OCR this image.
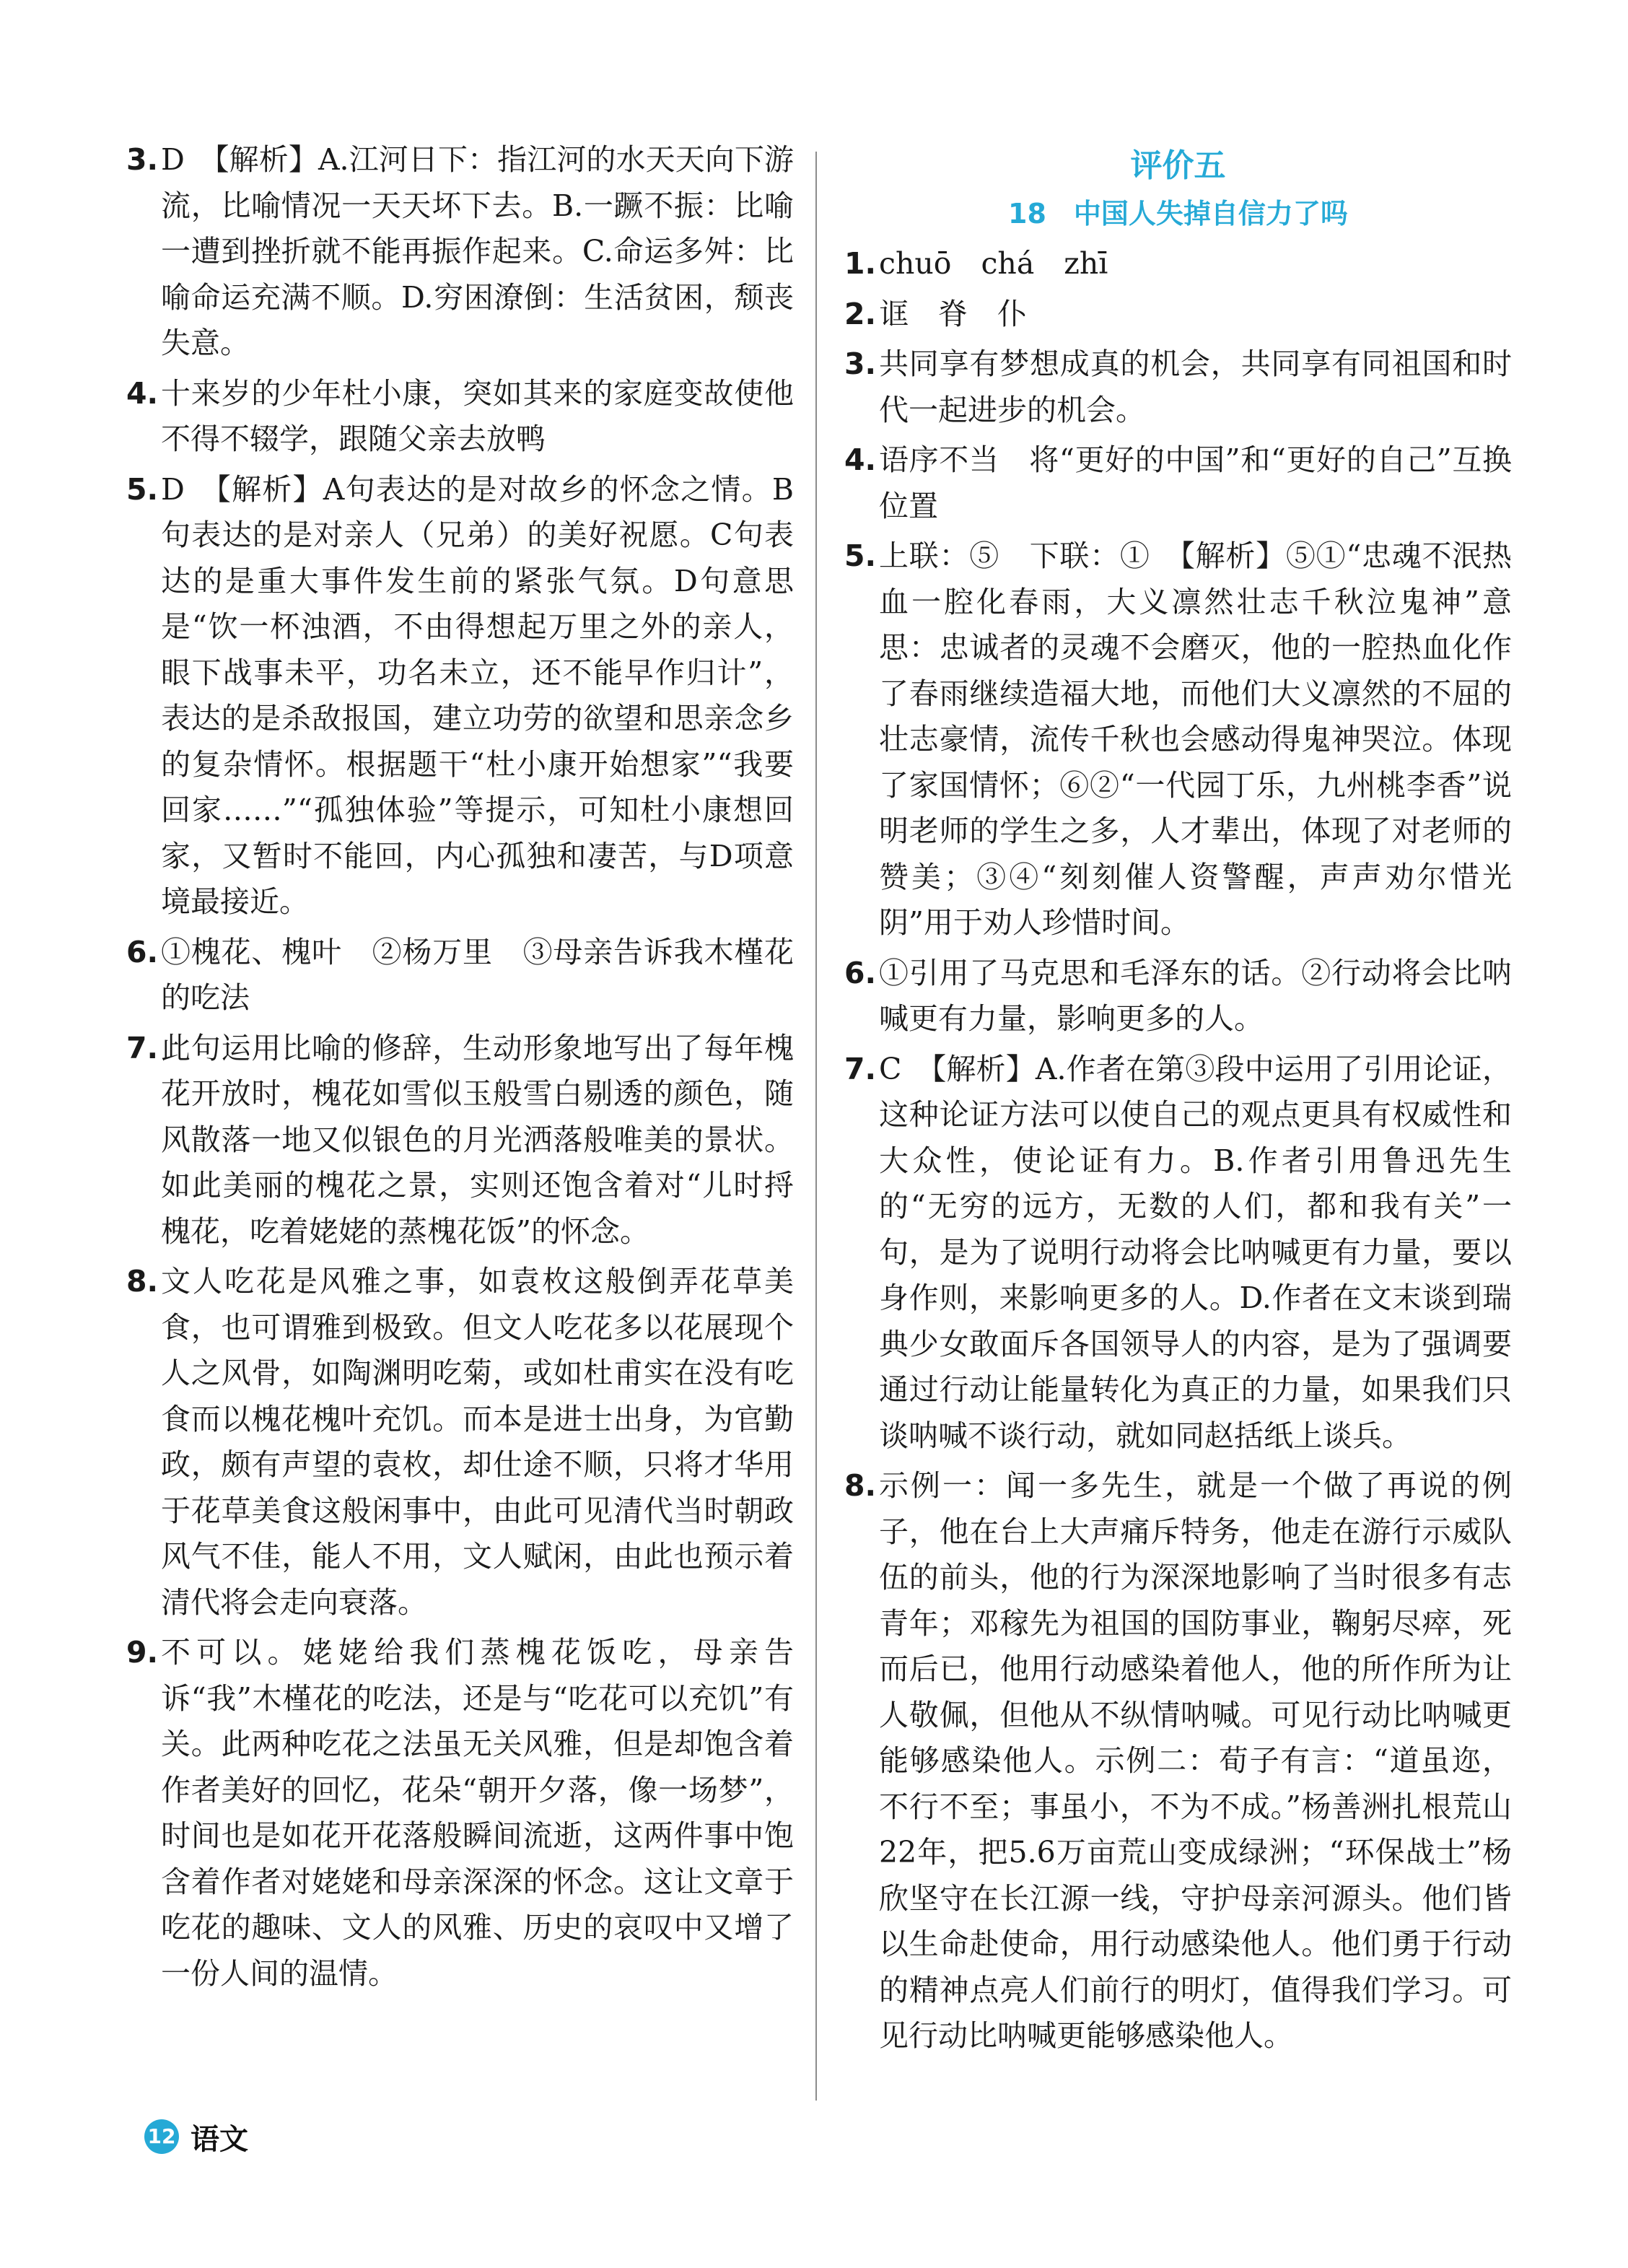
3. D　【解析】A.江河日下：指江河的水天天向下游流，比喻情况一天天坏下去。B.一蹶不振：比喻一遭到挫折就不能再振作起来。C.命运多舛：比喻命运充满不顺。D.穷困潦倒：生活贫困，颓丧失意。
4. 十来岁的少年杜小康，突如其来的家庭变故使他不得不辍学，跟随父亲去放鸭
5. D　【解析】A句表达的是对故乡的怀念之情。B句表达的是对亲人（兄弟）的美好祝愿。C句表达的是重大事件发生前的紧张气氛。D句意思是“饮一杯浊酒，不由得想起万里之外的亲人，眼下战事未平，功名未立，还不能早作归计”，表达的是杀敌报国，建立功劳的欲望和思亲念乡的复杂情怀。根据题干“杜小康开始想家”“我要回家……”“孤独体验”等提示，可知杜小康想回家，又暂时不能回，内心孤独和凄苦，与D项意境最接近。
6. ①槐花、槐叶　②杨万里　③母亲告诉我木槿花的吃法
7. 此句运用比喻的修辞，生动形象地写出了每年槐花开放时，槐花如雪似玉般雪白剔透的颜色，随风散落一地又似银色的月光洒落般唯美的景状。如此美丽的槐花之景，实则还饱含着对“儿时捋槐花，吃着姥姥的蒸槐花饭”的怀念。
8. 文人吃花是风雅之事，如袁枚这般倒弄花草美食，也可谓雅到极致。但文人吃花多以花展现个人之风骨，如陶渊明吃菊，或如杜甫实在没有吃食而以槐花槐叶充饥。而本是进士出身，为官勤政，颇有声望的袁枚，却仕途不顺，只将才华用于花草美食这般闲事中，由此可见清代当时朝政风气不佳，能人不用，文人赋闲，由此也预示着清代将会走向衰落。
9. 不可以。姥姥给我们蒸槐花饭吃，母亲告诉“我”木槿花的吃法，还是与“吃花可以充饥”有关。此两种吃花之法虽无关风雅，但是却饱含着作者美好的回忆，花朵“朝开夕落，像一场梦”，时间也是如花开花落般瞬间流逝，这两件事中饱含着作者对姥姥和母亲深深的怀念。这让文章于吃花的趣味、文人的风雅、历史的哀叹中又增了一份人间的温情。
评价五
18　中国人失掉自信力了吗
1. chuō　chá　zhī
2. 诓　脊　仆
3. 共同享有梦想成真的机会，共同享有同祖国和时代一起进步的机会。
4. 语序不当　将“更好的中国”和“更好的自己”互换位置
5. 上联：⑤　下联：①　【解析】⑤①“忠魂不泯热血一腔化春雨，大义凛然壮志千秋泣鬼神”意思：忠诚者的灵魂不会磨灭，他的一腔热血化作了春雨继续造福大地，而他们大义凛然的不屈的壮志豪情，流传千秋也会感动得鬼神哭泣。体现了家国情怀；⑥②“一代园丁乐，九州桃李香”说明老师的学生之多，人才辈出，体现了对老师的赞美；③④“刻刻催人资警醒，声声劝尔惜光阴”用于劝人珍惜时间。
6. ①引用了马克思和毛泽东的话。②行动将会比呐喊更有力量，影响更多的人。
7. C　【解析】A.作者在第③段中运用了引用论证，这种论证方法可以使自己的观点更具有权威性和大众性，使论证有力。B.作者引用鲁迅先生的“无穷的远方，无数的人们，都和我有关”一句，是为了说明行动将会比呐喊更有力量，要以身作则，来影响更多的人。D.作者在文末谈到瑞典少女敢面斥各国领导人的内容，是为了强调要通过行动让能量转化为真正的力量，如果我们只谈呐喊不谈行动，就如同赵括纸上谈兵。
8. 示例一：闻一多先生，就是一个做了再说的例子，他在台上大声痛斥特务，他走在游行示威队伍的前头，他的行为深深地影响了当时很多有志青年；邓稼先为祖国的国防事业，鞠躬尽瘁，死而后已，他用行动感染着他人，他的所作所为让人敬佩，但他从不纵情呐喊。可见行动比呐喊更能够感染他人。示例二：荀子有言：“道虽迩，不行不至；事虽小，不为不成。”杨善洲扎根荒山22年，把5.6万亩荒山变成绿洲；“环保战士”杨欣坚守在长江源一线，守护母亲河源头。他们皆以生命赴使命，用行动感染他人。他们勇于行动的精神点亮人们前行的明灯，值得我们学习。可见行动比呐喊更能够感染他人。
12 语文
